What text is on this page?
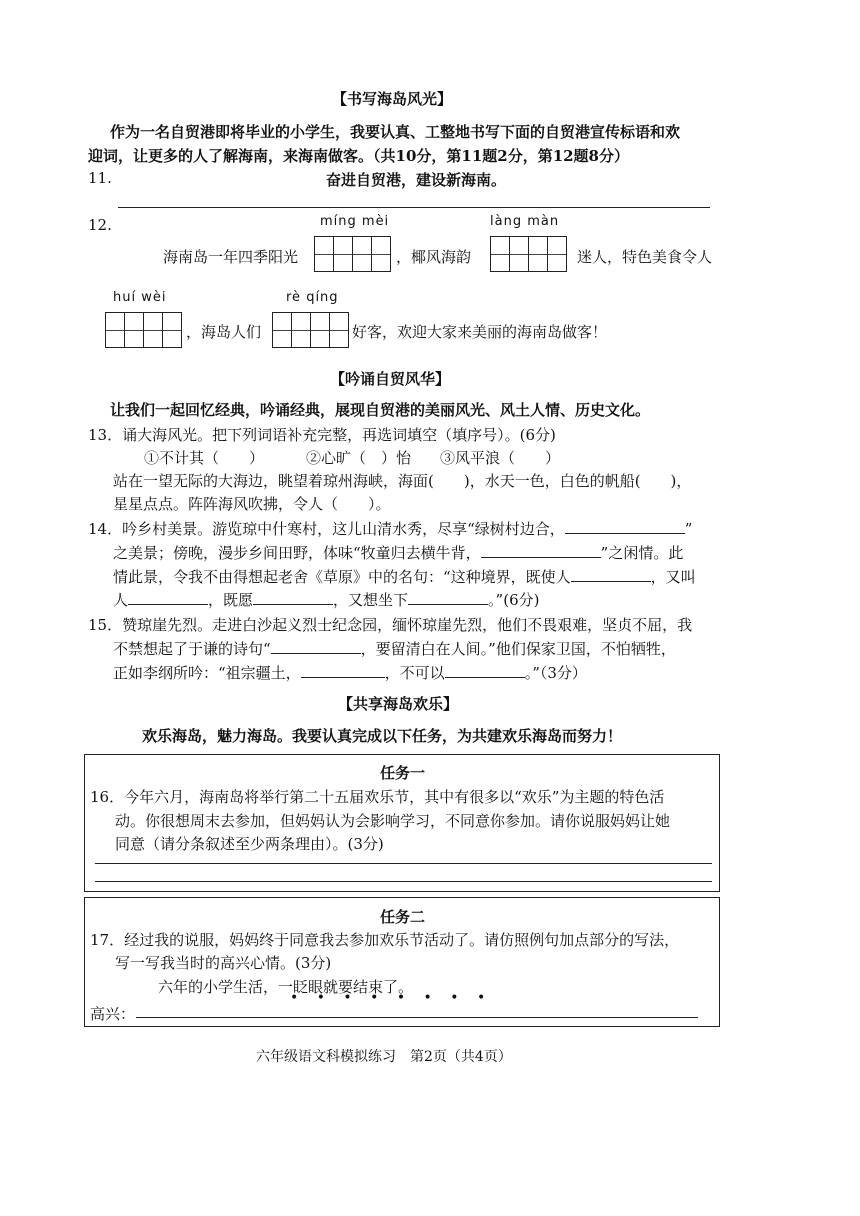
【书写海岛风光】
作为一名自贸港即将毕业的小学生，我要认真、工整地书写下面的自贸港宣传标语和欢
迎词，让更多的人了解海南，来海南做客。（共10分，第11题2分，第12题8分）
11.	奋进自贸港，建设新海南。
12.	míng mèi	làng màn
海南岛一年四季阳光	，椰风海韵	迷人，特色美食令人
huí wèi	rè qíng
，海岛人们	好客，欢迎大家来美丽的海南岛做客！
【吟诵自贸风华】
让我们一起回忆经典，吟诵经典，展现自贸港的美丽风光、风土人情、历史文化。
13．诵大海风光。把下列词语补充完整，再选词填空（填序号）。(6分)
①不计其（　　）	②心旷（　）怡 ③风平浪（　　）
站在一望无际的大海边，眺望着琼州海峡，海面(　　)，水天一色，白色的帆船(　　)，
星星点点。阵阵海风吹拂，令人（　　）。
14．吟乡村美景。游览琼中什寒村，这儿山清水秀，尽享“绿树村边合，	”
之美景；傍晚，漫步乡间田野，体味“牧童归去横牛背，	”之闲情。此
情此景，令我不由得想起老舍《草原》中的名句：“这种境界，既使人	，又叫
人	，既愿	，又想坐下	。”(6分)
15．赞琼崖先烈。走进白沙起义烈士纪念园，缅怀琼崖先烈，他们不畏艰难，坚贞不屈，我
不禁想起了于谦的诗句“	，要留清白在人间。”他们保家卫国，不怕牺牲，
正如李纲所吟：“祖宗疆土，	，不可以	。”（3分）
【共享海岛欢乐】
欢乐海岛，魅力海岛。我要认真完成以下任务，为共建欢乐海岛而努力！
任务一
16．今年六月，海南岛将举行第二十五届欢乐节，其中有很多以“欢乐”为主题的特色活
动。你很想周末去参加，但妈妈认为会影响学习，不同意你参加。请你说服妈妈让她
同意（请分条叙述至少两条理由）。(3分)
任务二
17．经过我的说服，妈妈终于同意我去参加欢乐节活动了。请仿照例句加点部分的写法，
写一写我当时的高兴心情。(3分)
六年的小学生活，一眨眼就要结束了。
• • • • • • • •
高兴：
六年级语文科模拟练习　第2页（共4页）
